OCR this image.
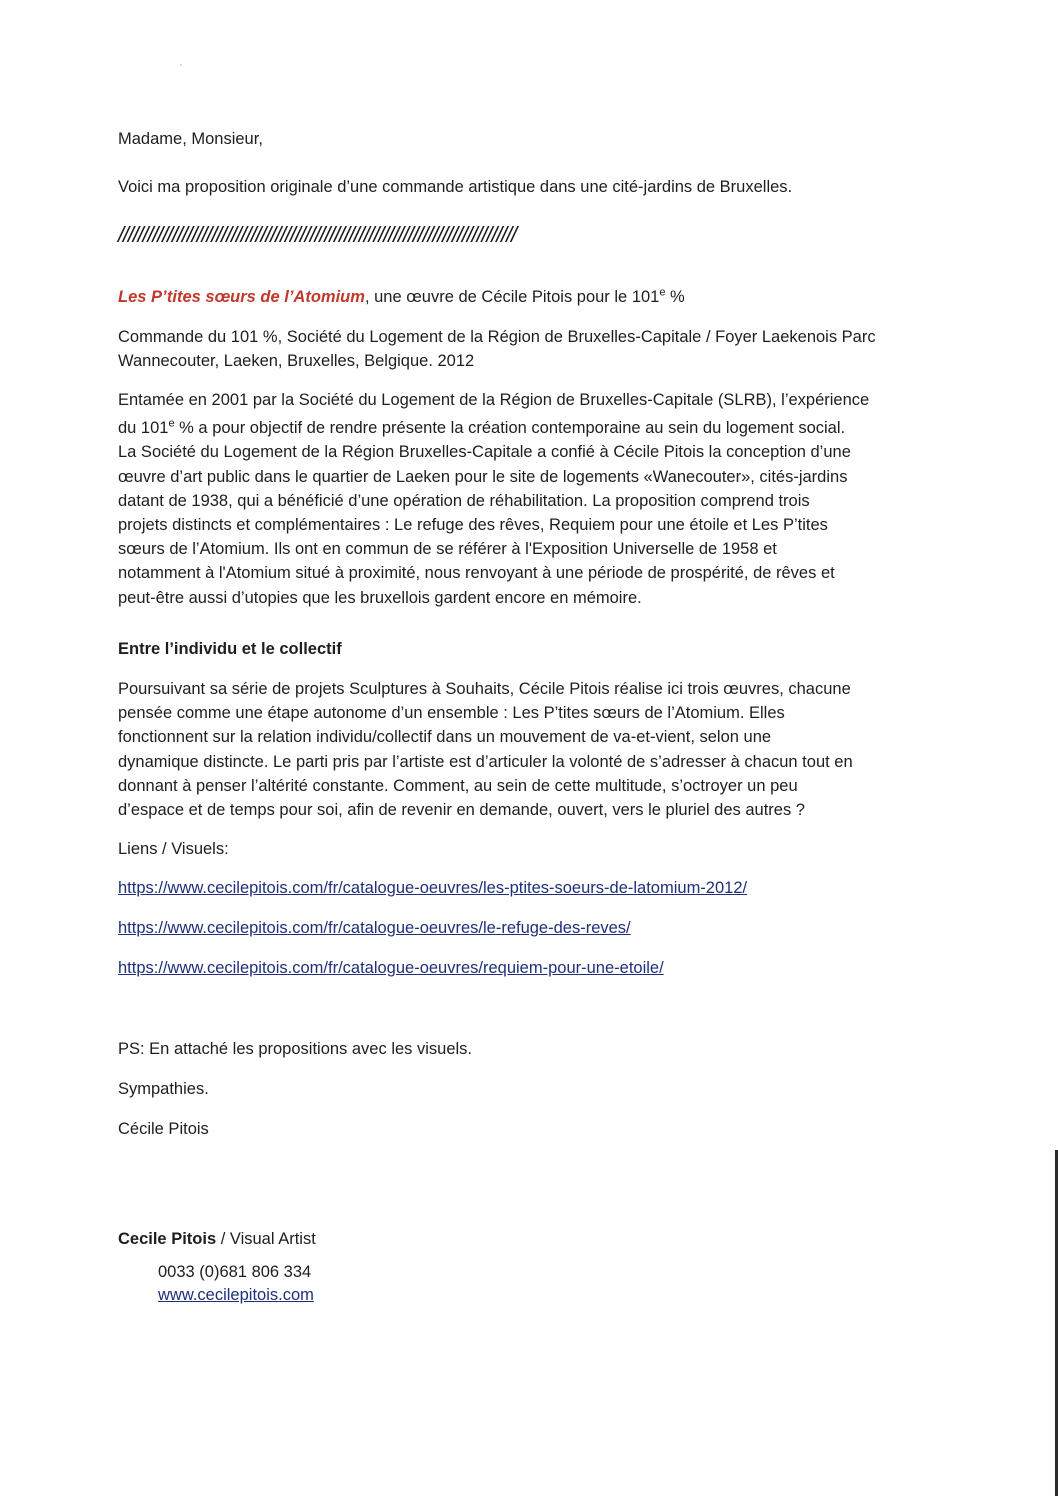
Madame, Monsieur,
Voici ma proposition originale d’une commande artistique dans une cité-jardins de Bruxelles.
/////////////////////////////////////////////////////////////////////////////////
Les P’tites sœurs de l’Atomium, une œuvre de Cécile Pitois pour le 101e %
Commande du 101 %, Société du Logement de la Région de Bruxelles-Capitale / Foyer Laekenois Parc
Wannecouter, Laeken, Bruxelles, Belgique. 2012
Entamée en 2001 par la Société du Logement de la Région de Bruxelles-Capitale (SLRB), l’expérience
du 101e % a pour objectif de rendre présente la création contemporaine au sein du logement social.
La Société du Logement de la Région Bruxelles-Capitale a confié à Cécile Pitois la conception d’une
œuvre d’art public dans le quartier de Laeken pour le site de logements «Wanecouter», cités-jardins
datant de 1938, qui a bénéficié d’une opération de réhabilitation. La proposition comprend trois
projets distincts et complémentaires : Le refuge des rêves, Requiem pour une étoile et Les P’tites
sœurs de l’Atomium. Ils ont en commun de se référer à l'Exposition Universelle de 1958 et
notamment à l'Atomium situé à proximité, nous renvoyant à une période de prospérité, de rêves et
peut-être aussi d’utopies que les bruxellois gardent encore en mémoire.
Entre l’individu et le collectif
Poursuivant sa série de projets Sculptures à Souhaits, Cécile Pitois réalise ici trois œuvres, chacune
pensée comme une étape autonome d’un ensemble : Les P’tites sœurs de l’Atomium. Elles
fonctionnent sur la relation individu/collectif dans un mouvement de va-et-vient, selon une
dynamique distincte. Le parti pris par l’artiste est d’articuler la volonté de s’adresser à chacun tout en
donnant à penser l’altérité constante. Comment, au sein de cette multitude, s’octroyer un peu
d’espace et de temps pour soi, afin de revenir en demande, ouvert, vers le pluriel des autres ?
Liens / Visuels:
https://www.cecilepitois.com/fr/catalogue-oeuvres/les-ptites-soeurs-de-latomium-2012/
https://www.cecilepitois.com/fr/catalogue-oeuvres/le-refuge-des-reves/
https://www.cecilepitois.com/fr/catalogue-oeuvres/requiem-pour-une-etoile/
PS: En attaché les propositions avec les visuels.
Sympathies.
Cécile Pitois
Cecile Pitois / Visual Artist
0033 (0)681 806 334
www.cecilepitois.com
